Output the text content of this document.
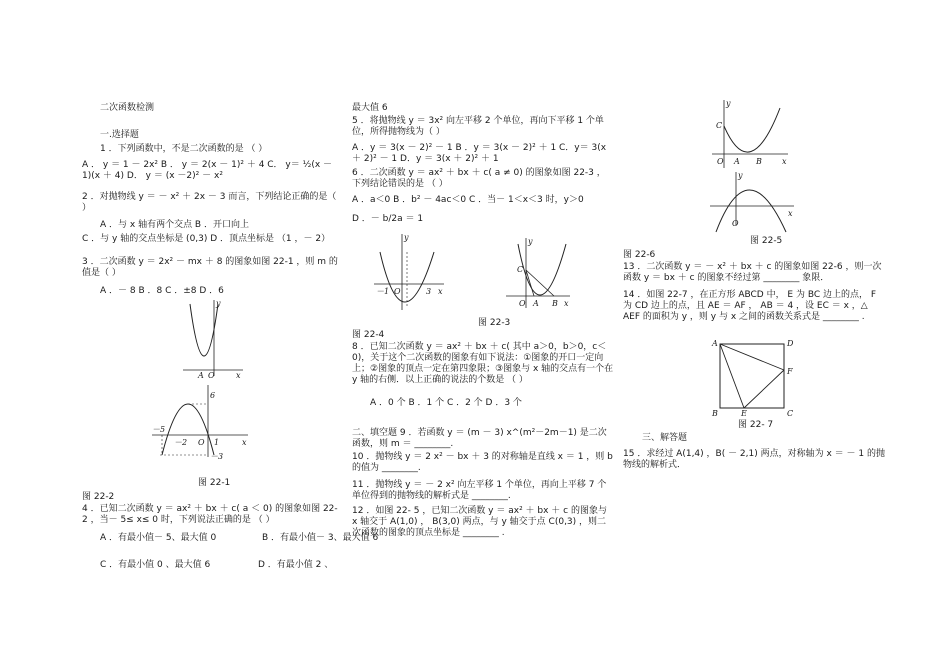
二次函数检测
一.选择题
1 ．下列函数中，不是二次函数的是 （ ）
A ． y ＝ 1 － 2x² B ． y ＝ 2(x － 1)² ＋ 4 C． y＝ ½(x － 1)(x ＋ 4) D． y ＝ (x －2)² － x²
2 ．对抛物线 y ＝ － x² ＋ 2x － 3 而言，下列结论正确的是（ ）
A ．与 x 轴有两个交点 B ．开口向上
C ．与 y 轴的交点坐标是 (0,3) D ．顶点坐标是 （1 ，－ 2）
3 ．二次函数 y ＝ 2x² － mx ＋ 8 的图象如图 22-1 ，则 m 的值是（ ）
A ．－ 8 B ．8 C ．±8 D ．6
y
A O	x
6
－5
－2 O 1	x
－3
图 22-1
图 22-2
4 ．已知二次函数 y ＝ ax² ＋ bx ＋ c( a ＜ 0) 的图象如图 22-2 ，当－ 5≤ x≤ 0 时，下列说法正确的是 （ ）
A ．有最小值－ 5、最大值 0	B ．有最小值－ 3、最大值 6
C ．有最小值 0 、最大值 6	D ．有最小值 2 、
最大值 6
5 ．将抛物线 y ＝ 3x² 向左平移 2 个单位，再向下平移 1 个单位，所得抛物线为（ ）
A ．y ＝ 3(x － 2)² － 1 B ．y ＝ 3(x － 2)² ＋ 1 C．y＝ 3(x ＋ 2)² － 1 D．y ＝ 3(x ＋ 2)² ＋ 1
6 ．二次函数 y ＝ ax² ＋ bx ＋ c( a ≠ 0) 的图象如图 22-3 ，下列结论错误的是 （ ）
A ．a＜0 B ．b² － 4ac＜0 C ．当－ 1＜x＜3 时，y＞0
D ．－ b/2a ＝ 1
y
－1 O	3 x
y
C
O A B x
图 22-3
图 22-4
8 ．已知二次函数 y ＝ ax² ＋ bx ＋ c( 其中 a＞0，b＞0，c＜0)，关于这个二次函数的图象有如下说法：①图象的开口一定向上；②图象的顶点一定在第四象限；③图象与 x 轴的交点有一个在 y 轴的右侧．以上正确的说法的个数是 （ ）
A ．0 个 B ．1 个 C ．2 个 D ．3 个
二、填空题 9 ．若函数 y ＝ (m － 3) x^(m²－2m－1) 是二次函数，则 m ＝ ________.
10 ．抛物线 y ＝ 2 x² － bx ＋ 3 的对称轴是直线 x ＝ 1 ，则 b 的值为 ________.
11 ．抛物线 y ＝ － 2 x² 向左平移 1 个单位，再向上平移 7 个单位得到的抛物线的解析式是 ________.
12 ．如图 22- 5 ，已知二次函数 y ＝ ax² ＋ bx ＋ c 的图象与 x 轴交于 A(1,0) ， B(3,0) 两点，与 y 轴交于点 C(0,3) ，则二次函数的图象的顶点坐标是 ________ .
y
C
O A B	x
y
O
x
图 22-5
图 22-6
13 ．二次函数 y ＝ － x² ＋ bx ＋ c 的图象如图 22-6 ，则一次函数 y ＝ bx ＋ c 的图象不经过第 ________ 象限．
14 ．如图 22-7 ，在正方形 ABCD 中， E 为 BC 边上的点， F 为 CD 边上的点，且 AE ＝ AF ， AB ＝ 4 ，设 EC ＝ x ，△ AEF 的面积为 y ，则 y 与 x 之间的函数关系式是 ________ .
A	D
F
B	E	C
图 22- 7
三、解答题
15 ．求经过 A(1,4) ，B( － 2,1) 两点，对称轴为 x ＝ － 1 的抛物线的解析式．
